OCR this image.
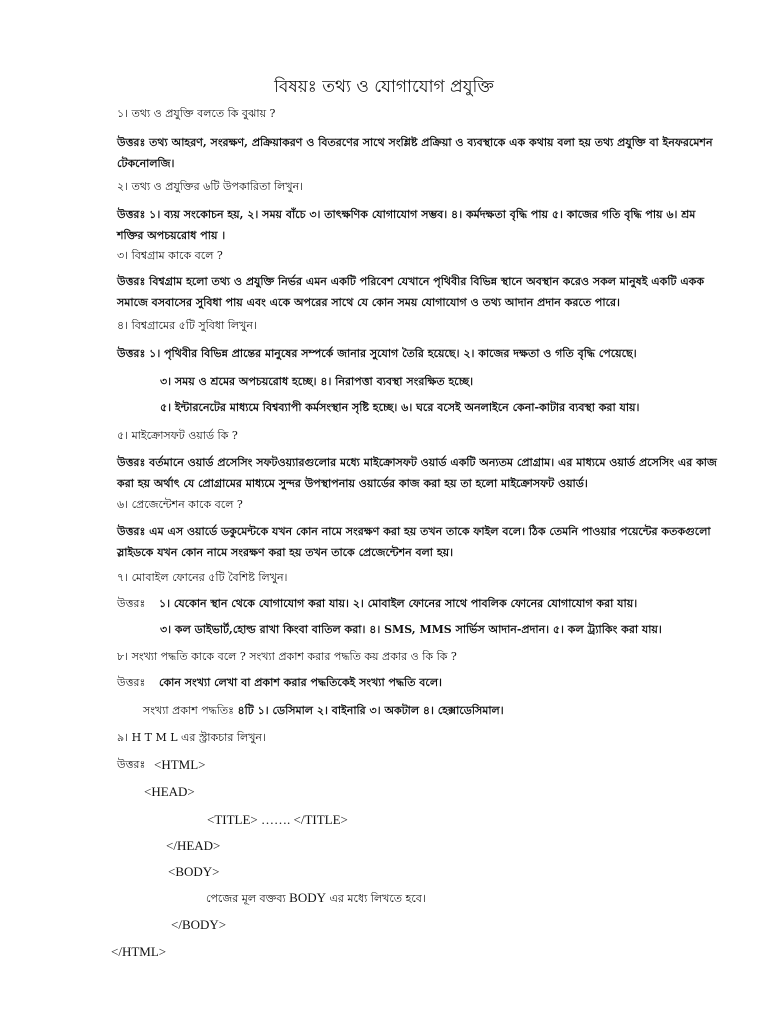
বিষয়ঃ তথ্য ও যোগাযোগ প্রযুক্তি
১। তথ্য ও প্রযুক্তি বলতে কি বুঝায় ?
উত্তরঃ তথ্য আহরণ, সংরক্ষণ, প্রক্রিয়াকরণ ও বিতরণের সাথে সংশ্লিষ্ট প্রক্রিয়া ও ব্যবস্থাকে এক কথায় বলা হয় তথ্য প্রযুক্তি বা ইনফরমেশন টেকনোলজি।
২। তথ্য ও প্রযুক্তির ৬টি উপকারিতা লিখুন।
উত্তরঃ ১। ব্যয় সংকোচন হয়, ২। সময় বাঁচে ৩। তাৎক্ষণিক যোগাযোগ সম্ভব। ৪। কর্মদক্ষতা বৃদ্ধি পায় ৫। কাজের গতি বৃদ্ধি পায় ৬। শ্রম শক্তির অপচয়রোধ পায় ।
৩। বিশ্বগ্রাম কাকে বলে ?
উত্তরঃ বিশ্বগ্রাম হলো তথ্য ও প্রযুক্তি নির্ভর এমন একটি পরিবেশ যেখানে পৃথিবীর বিভিন্ন স্থানে অবস্থান করেও সকল মানুষই একটি একক সমাজে বসবাসের সুবিধা পায় এবং একে অপরের সাথে যে কোন সময় যোগাযোগ ও তথ্য আদান প্রদান করতে পারে।
৪। বিশ্বগ্রামের ৫টি সুবিধা লিখুন।
উত্তরঃ ১। পৃথিবীর বিভিন্ন প্রান্তের মানুষের সম্পর্কে জানার সুযোগ তৈরি হয়েছে। ২। কাজের দক্ষতা ও গতি বৃদ্ধি পেয়েছে।
৩। সময় ও শ্রমের অপচয়রোধ হচ্ছে। ৪। নিরাপত্তা ব্যবস্থা সংরক্ষিত হচ্ছে।
৫। ইন্টারনেটের মাধ্যমে বিশ্বব্যাপী কর্মসংস্থান সৃষ্টি হচ্ছে। ৬। ঘরে বসেই অনলাইনে কেনা-কাটার ব্যবস্থা করা যায়।
৫। মাইক্রোসফট ওয়ার্ড কি ?
উত্তরঃ বর্তমানে ওয়ার্ড প্রসেসিং সফটওয়্যারগুলোর মধ্যে মাইক্রোসফট ওয়ার্ড একটি অন্যতম প্রোগ্রাম। এর মাধ্যমে ওয়ার্ড প্রসেসিং এর কাজ করা হয় অর্থাৎ যে প্রোগ্রামের মাধ্যমে সুন্দর উপস্থাপনায় ওয়ার্ডের কাজ করা হয় তা হলো মাইক্রোসফট ওয়ার্ড।
৬। প্রেজেন্টেশন কাকে বলে ?
উত্তরঃ এম এস ওয়ার্ডে ডকুমেন্টকে যখন কোন নামে সংরক্ষণ করা হয় তখন তাকে ফাইল বলে। ঠিক তেমনি পাওয়ার পয়েন্টের কতকগুলো স্লাইডকে যখন কোন নামে সংরক্ষণ করা হয় তখন তাকে প্রেজেন্টেশন বলা হয়।
৭। মোবাইল ফোনের ৫টি বৈশিষ্ট লিখুন।
উত্তরঃ ১। যেকোন স্থান থেকে যোগাযোগ করা যায়। ২। মোবাইল ফোনের সাথে পাবলিক ফোনের যোগাযোগ করা যায়।
৩। কল ডাইভার্ট,হোল্ড রাখা কিংবা বাতিল করা। ৪। SMS, MMS সার্ভিস আদান-প্রদান। ৫। কল ট্র্যাকিং করা যায়।
৮। সংখ্যা পদ্ধতি কাকে বলে ? সংখ্যা প্রকাশ করার পদ্ধতি কয় প্রকার ও কি কি ?
উত্তরঃ কোন সংখ্যা লেখা বা প্রকাশ করার পদ্ধতিকেই সংখ্যা পদ্ধতি বলে।
সংখ্যা প্রকাশ পদ্ধতিঃ ৪টি ১। ডেসিমাল ২। বাইনারি ৩। অকটাল ৪। হেক্সাডেসিমাল।
৯। H T M L এর স্ট্রাকচার লিখুন।
উত্তরঃ <HTML>
<HEAD>
<TITLE> ……. </TITLE>
</HEAD>
<BODY>
পেজের মূল বক্তব্য BODY এর মধ্যে লিখতে হবে।
</BODY>
</HTML>
